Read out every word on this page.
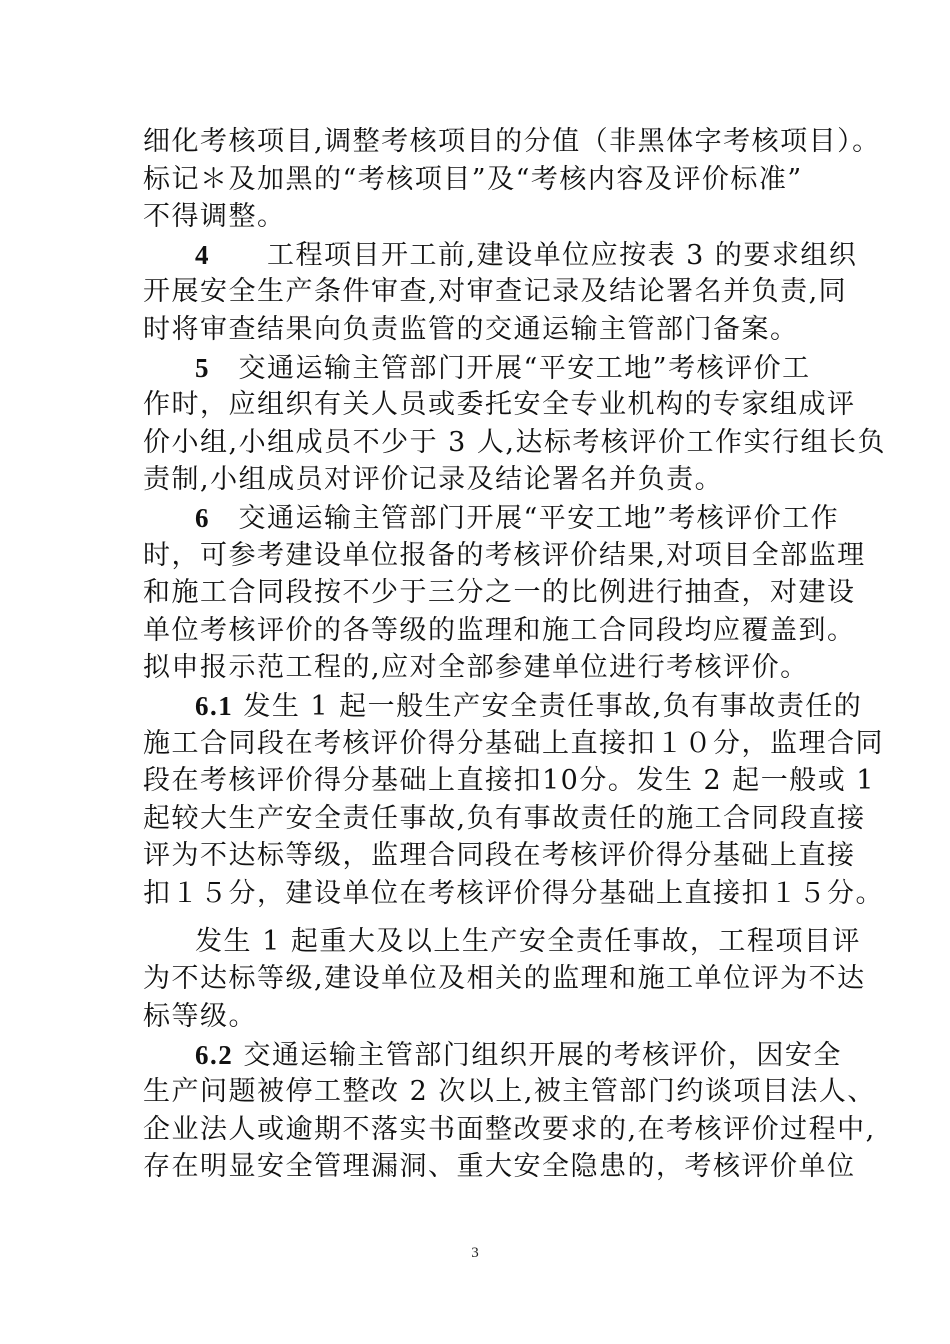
细化考核项目,调整考核项目的分值（非黑体字考核项目）。
标记＊及加黑的“考核项目”及“考核内容及评价标准”
不得调整。
4　　工程项目开工前,建设单位应按表 3 的要求组织
开展安全生产条件审查,对审查记录及结论署名并负责,同
时将审查结果向负责监管的交通运输主管部门备案。
5　交通运输主管部门开展“平安工地”考核评价工
作时，应组织有关人员或委托安全专业机构的专家组成评
价小组,小组成员不少于 3 人,达标考核评价工作实行组长负
责制,小组成员对评价记录及结论署名并负责。
6　交通运输主管部门开展“平安工地”考核评价工作
时，可参考建设单位报备的考核评价结果,对项目全部监理
和施工合同段按不少于三分之一的比例进行抽查，对建设
单位考核评价的各等级的监理和施工合同段均应覆盖到。
拟申报示范工程的,应对全部参建单位进行考核评价。
6.1 发生 1 起一般生产安全责任事故,负有事故责任的
施工合同段在考核评价得分基础上直接扣１０分，监理合同
段在考核评价得分基础上直接扣10分。发生 2 起一般或 1
起较大生产安全责任事故,负有事故责任的施工合同段直接
评为不达标等级，监理合同段在考核评价得分基础上直接
扣１５分，建设单位在考核评价得分基础上直接扣１５分。
发生 1 起重大及以上生产安全责任事故，工程项目评
为不达标等级,建设单位及相关的监理和施工单位评为不达
标等级。
6.2 交通运输主管部门组织开展的考核评价，因安全
生产问题被停工整改 2 次以上,被主管部门约谈项目法人、
企业法人或逾期不落实书面整改要求的,在考核评价过程中,
存在明显安全管理漏洞、重大安全隐患的，考核评价单位
3
